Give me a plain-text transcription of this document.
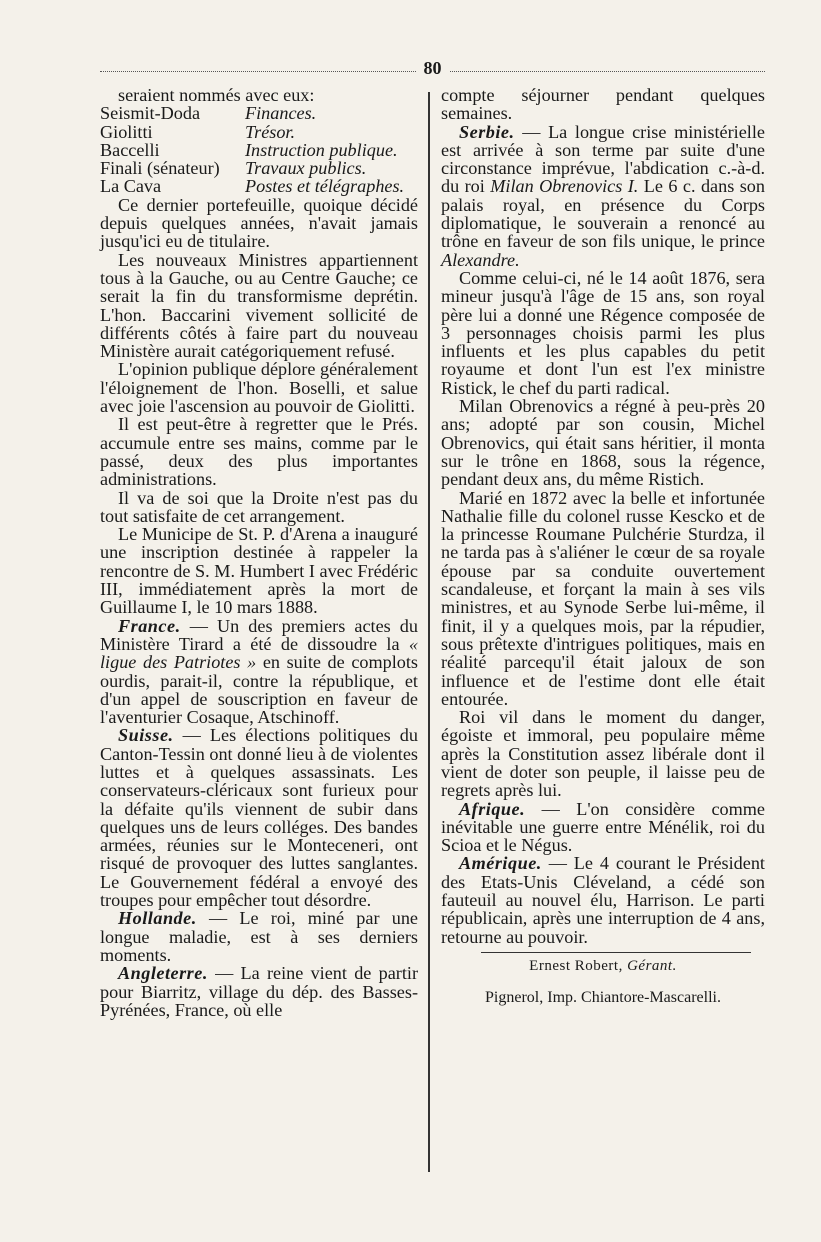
80

seraient nommés avec eux:

Seismit-Doda	Finances.
Giolitti	Trésor.
Baccelli	Instruction publique.
Finali (sénateur)	Travaux publics.
La Cava	Postes et télégraphes.

Ce dernier portefeuille, quoique décidé depuis quelques années, n'avait jamais jusqu'ici eu de titulaire.

Les nouveaux Ministres appartiennent tous à la Gauche, ou au Centre Gauche; ce serait la fin du transformisme deprétin. L'hon. Baccarini vivement sollicité de différents côtés à faire part du nouveau Ministère aurait catégoriquement refusé.

L'opinion publique déplore généralement l'éloignement de l'hon. Boselli, et salue avec joie l'ascension au pouvoir de Giolitti.

Il est peut-être à regretter que le Prés. accumule entre ses mains, comme par le passé, deux des plus importantes administrations.

Il va de soi que la Droite n'est pas du tout satisfaite de cet arrangement.

Le Municipe de St. P. d'Arena a inauguré une inscription destinée à rappeler la rencontre de S. M. Humbert I avec Frédéric III, immédiatement après la mort de Guillaume I, le 10 mars 1888.

France. — Un des premiers actes du Ministère Tirard a été de dissoudre la « ligue des Patriotes » en suite de complots ourdis, parait-il, contre la république, et d'un appel de souscription en faveur de l'aventurier Cosaque, Atschinoff.

Suisse. — Les élections politiques du Canton-Tessin ont donné lieu à de violentes luttes et à quelques assassinats. Les conservateurs-cléricaux sont furieux pour la défaite qu'ils viennent de subir dans quelques uns de leurs colléges. Des bandes armées, réunies sur le Monteceneri, ont risqué de provoquer des luttes sanglantes. Le Gouvernement fédéral a envoyé des troupes pour empêcher tout désordre.

Hollande. — Le roi, miné par une longue maladie, est à ses derniers moments.

Angleterre. — La reine vient de partir pour Biarritz, village du dép. des Basses-Pyrénées, France, où elle

compte séjourner pendant quelques semaines.

Serbie. — La longue crise ministérielle est arrivée à son terme par suite d'une circonstance imprévue, l'abdication c.-à-d. du roi Milan Obrenovics I. Le 6 c. dans son palais royal, en présence du Corps diplomatique, le souverain a renoncé au trône en faveur de son fils unique, le prince Alexandre.

Comme celui-ci, né le 14 août 1876, sera mineur jusqu'à l'âge de 15 ans, son royal père lui a donné une Régence composée de 3 personnages choisis parmi les plus influents et les plus capables du petit royaume et dont l'un est l'ex ministre Ristick, le chef du parti radical.

Milan Obrenovics a régné à peu-près 20 ans; adopté par son cousin, Michel Obrenovics, qui était sans héritier, il monta sur le trône en 1868, sous la régence, pendant deux ans, du même Ristich.

Marié en 1872 avec la belle et infortunée Nathalie fille du colonel russe Kescko et de la princesse Roumane Pulchérie Sturdza, il ne tarda pas à s'aliéner le cœur de sa royale épouse par sa conduite ouvertement scandaleuse, et forçant la main à ses vils ministres, et au Synode Serbe lui-même, il finit, il y a quelques mois, par la répudier, sous prêtexte d'intrigues politiques, mais en réalité parcequ'il était jaloux de son influence et de l'estime dont elle était entourée.

Roi vil dans le moment du danger, égoiste et immoral, peu populaire même après la Constitution assez libérale dont il vient de doter son peuple, il laisse peu de regrets après lui.

Afrique. — L'on considère comme inévitable une guerre entre Ménélik, roi du Scioa et le Négus.

Amérique. — Le 4 courant le Président des Etats-Unis Cléveland, a cédé son fauteuil au nouvel élu, Harrison. Le parti républicain, après une interruption de 4 ans, retourne au pouvoir.

Ernest Robert, Gérant.
Pignerol, Imp. Chiantore-Mascarelli.
